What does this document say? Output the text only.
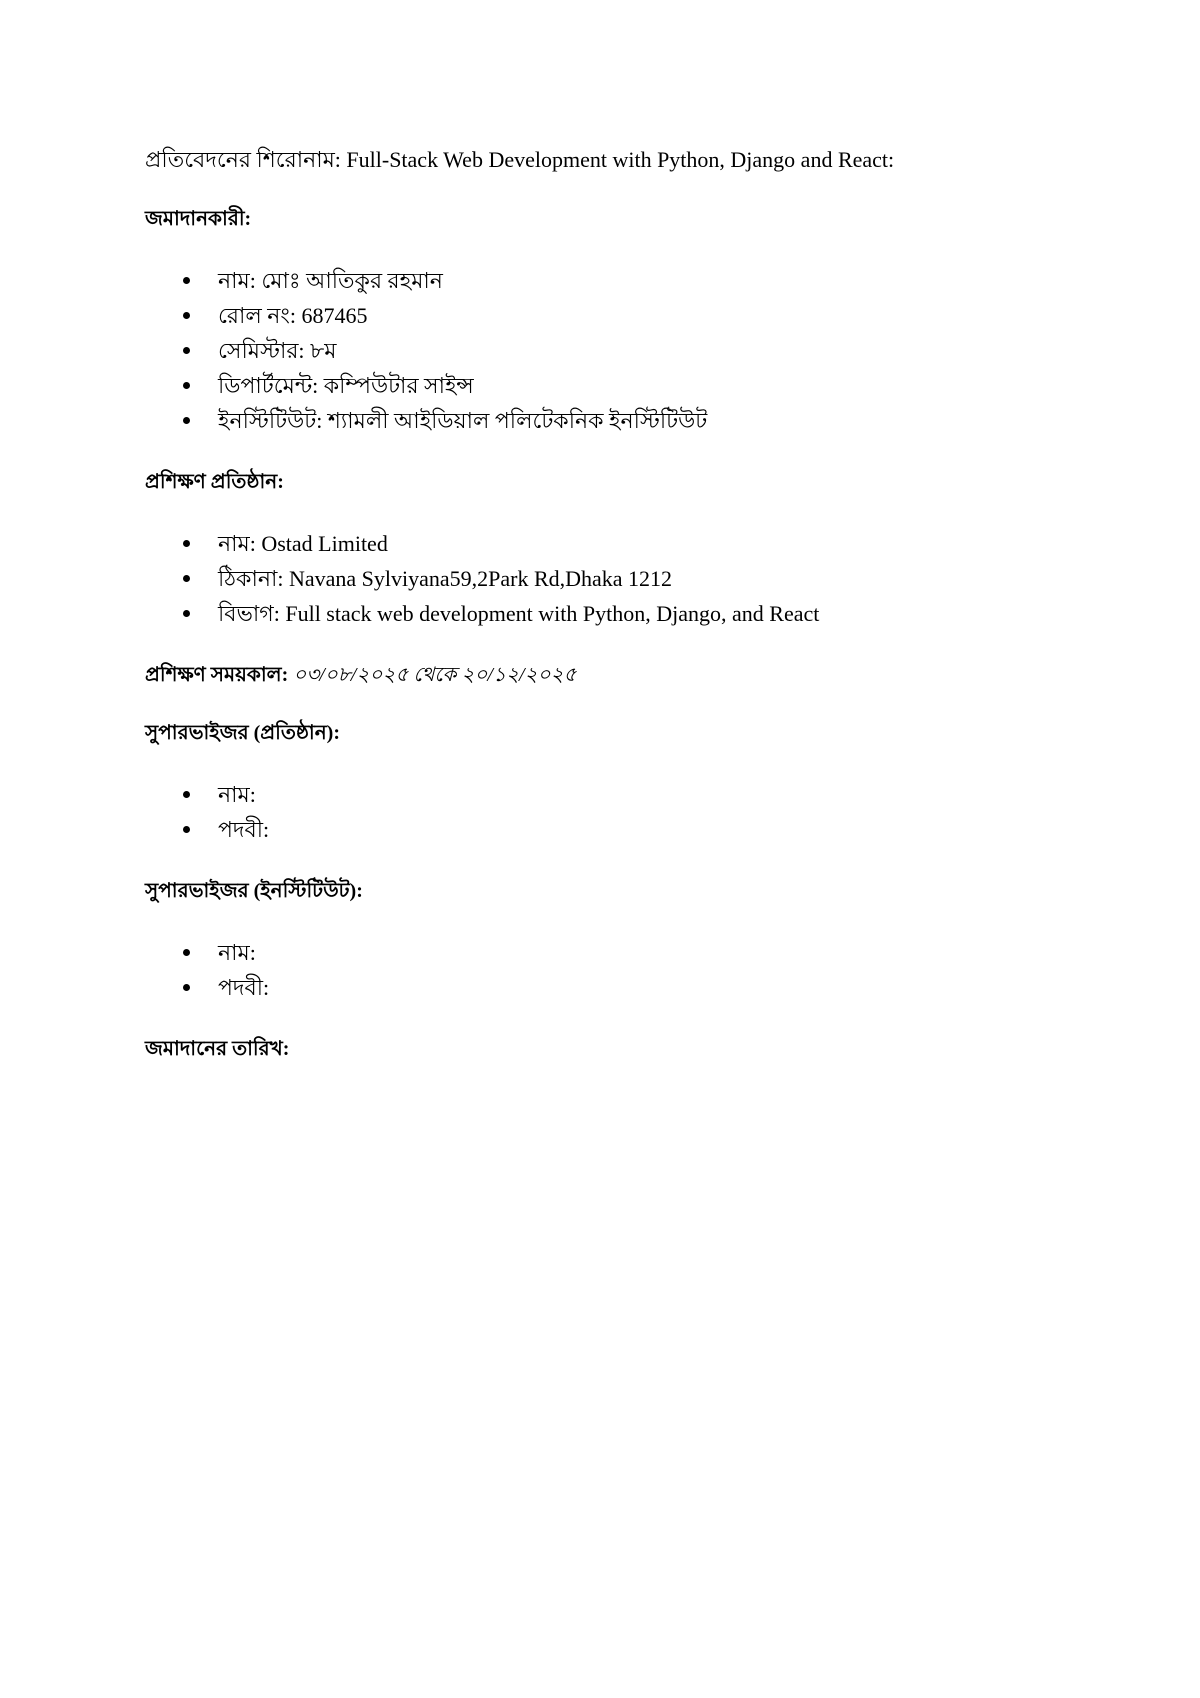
প্রতিবেদনের শিরোনাম: Full-Stack Web Development with Python, Django and React:
জমাদানকারী:
নাম: মোঃ আতিকুর রহমান
রোল নং: 687465
সেমিস্টার: ৮ম
ডিপার্টমেন্ট: কম্পিউটার সাইন্স
ইনস্টিটিউট: শ্যামলী আইডিয়াল পলিটেকনিক ইনস্টিটিউট
প্রশিক্ষণ প্রতিষ্ঠান:
নাম: Ostad Limited
ঠিকানা: Navana Sylviyana59,2Park Rd,Dhaka 1212
বিভাগ: Full stack web development with Python, Django, and React
প্রশিক্ষণ সময়কাল: ০৩/০৮/২০২৫ থেকে ২০/১২/২০২৫
সুপারভাইজর (প্রতিষ্ঠান):
নাম:
পদবী:
সুপারভাইজর (ইনস্টিটিউট):
নাম:
পদবী:
জমাদানের তারিখ:
